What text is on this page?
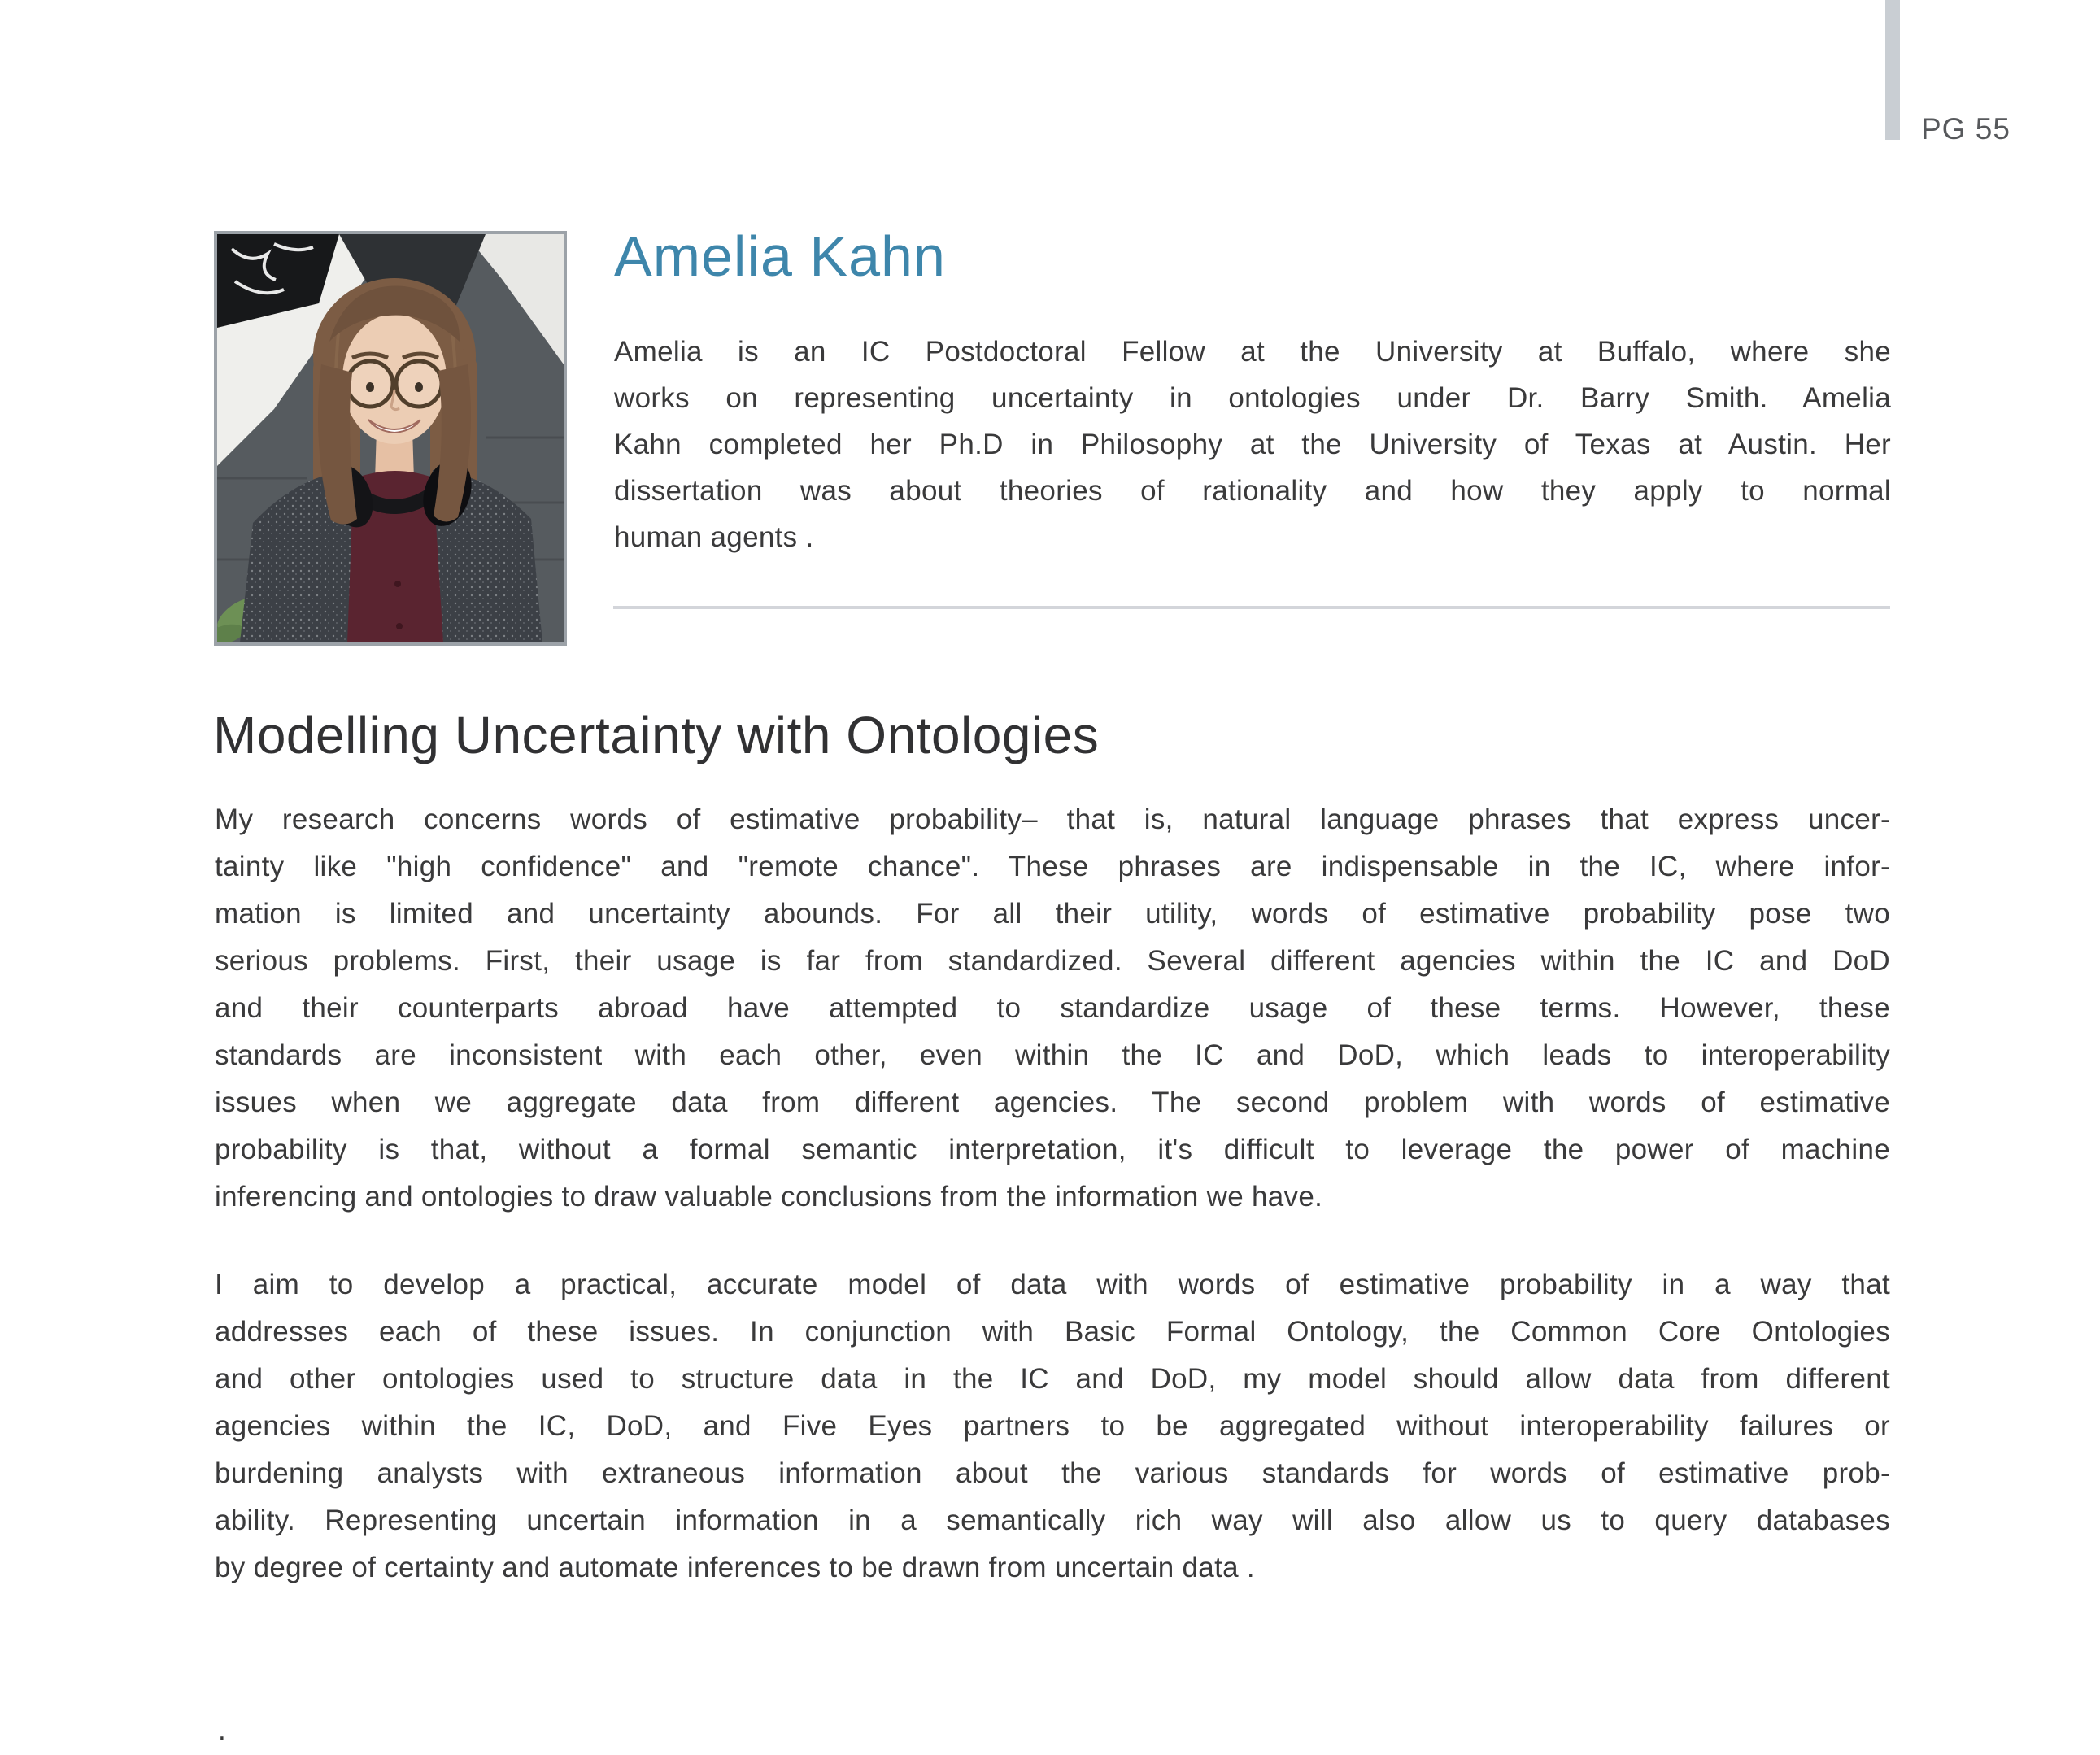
PG 55
Amelia Kahn
Amelia is an IC Postdoctoral Fellow at the University at Buffalo, where she
works on representing uncertainty in ontologies under Dr. Barry Smith. Amelia
Kahn completed her Ph.D in Philosophy at the University of Texas at Austin. Her
dissertation was about theories of rationality and how they apply to normal
human agents .
Modelling Uncertainty with Ontologies
My research concerns words of estimative probability– that is, natural language phrases that express uncer-
tainty like "high confidence" and "remote chance". These phrases are indispensable in the IC, where infor-
mation is limited and uncertainty abounds. For all their utility, words of estimative probability pose two
serious problems. First, their usage is far from standardized. Several different agencies within the IC and DoD
and their counterparts abroad have attempted to standardize usage of these terms. However, these
standards are inconsistent with each other, even within the IC and DoD, which leads to interoperability
issues when we aggregate data from different agencies. The second problem with words of estimative
probability is that, without a formal semantic interpretation, it's difficult to leverage the power of machine
inferencing and ontologies to draw valuable conclusions from the information we have.
I aim to develop a practical, accurate model of data with words of estimative probability in a way that
addresses each of these issues. In conjunction with Basic Formal Ontology, the Common Core Ontologies
and other ontologies used to structure data in the IC and DoD, my model should allow data from different
agencies within the IC, DoD, and Five Eyes partners to be aggregated without interoperability failures or
burdening analysts with extraneous information about the various standards for words of estimative prob-
ability. Representing uncertain information in a semantically rich way will also allow us to query databases
by degree of certainty and automate inferences to be drawn from uncertain data .
.
